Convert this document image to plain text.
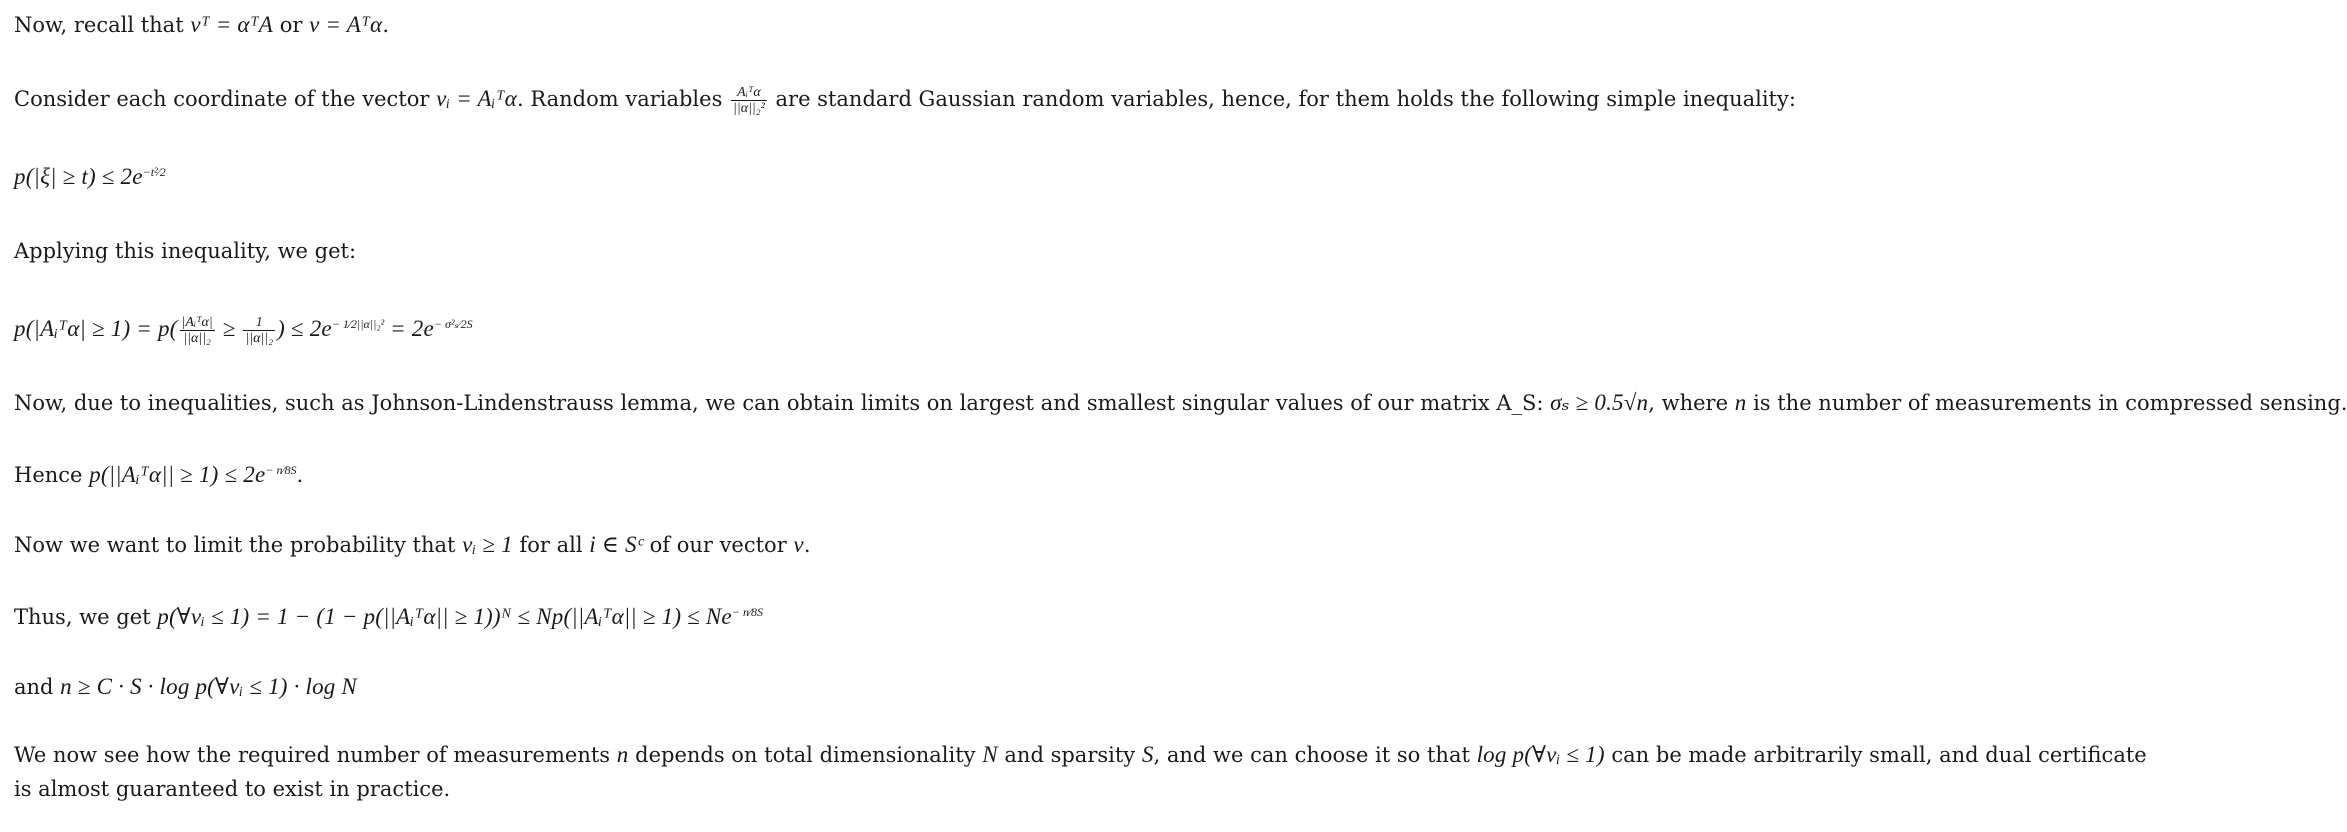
Now, recall that vᵀ = αᵀA or v = Aᵀα.
Consider each coordinate of the vector vᵢ = Aᵢᵀα. Random variables $\frac{\text{Aᵢᵀα}}{\text{||α||₂²}}$ are standard Gaussian random variables, hence, for them holds the following simple inequality:
p(|ξ| ≥ t) ≤ 2e−t²⁄2
Applying this inequality, we get:
p(|Aᵢᵀα| ≥ $1) = p( \frac{\text{|Aᵢᵀα|}}{\text{||α||₂}} \ge \frac{1}{\text{||α||₂}}$ ) ≤ 2e− 1⁄2||α||₂² = 2e− σ²ₛ⁄2S
Now, due to inequalities, such as Johnson-Lindenstrauss lemma, we can obtain limits on largest and smallest singular values of our matrix A_S: σₛ ≥ 0.5√n, where n is the number of measurements in compressed sensing.
Hence p(||Aᵢᵀα|| ≥ 1) ≤ 2e− n⁄8S.
Now we want to limit the probability that vᵢ ≥ 1 for all i ∈ Sᶜ of our vector v.
Thus, we get p(∀vᵢ ≤ 1) = 1 − (1 − p(||Aᵢᵀα|| ≥ 1))ᴺ ≤ Np(||Aᵢᵀα|| ≥ 1) ≤ Ne− n⁄8S
and n ≥ C · S · log p(∀vᵢ ≤ 1) · log N
We now see how the required number of measurements n depends on total dimensionality N and sparsity S, and we can choose it so that log p(∀vᵢ ≤ 1) can be made arbitrarily small, and dual certificate is almost guaranteed to exist in practice.
